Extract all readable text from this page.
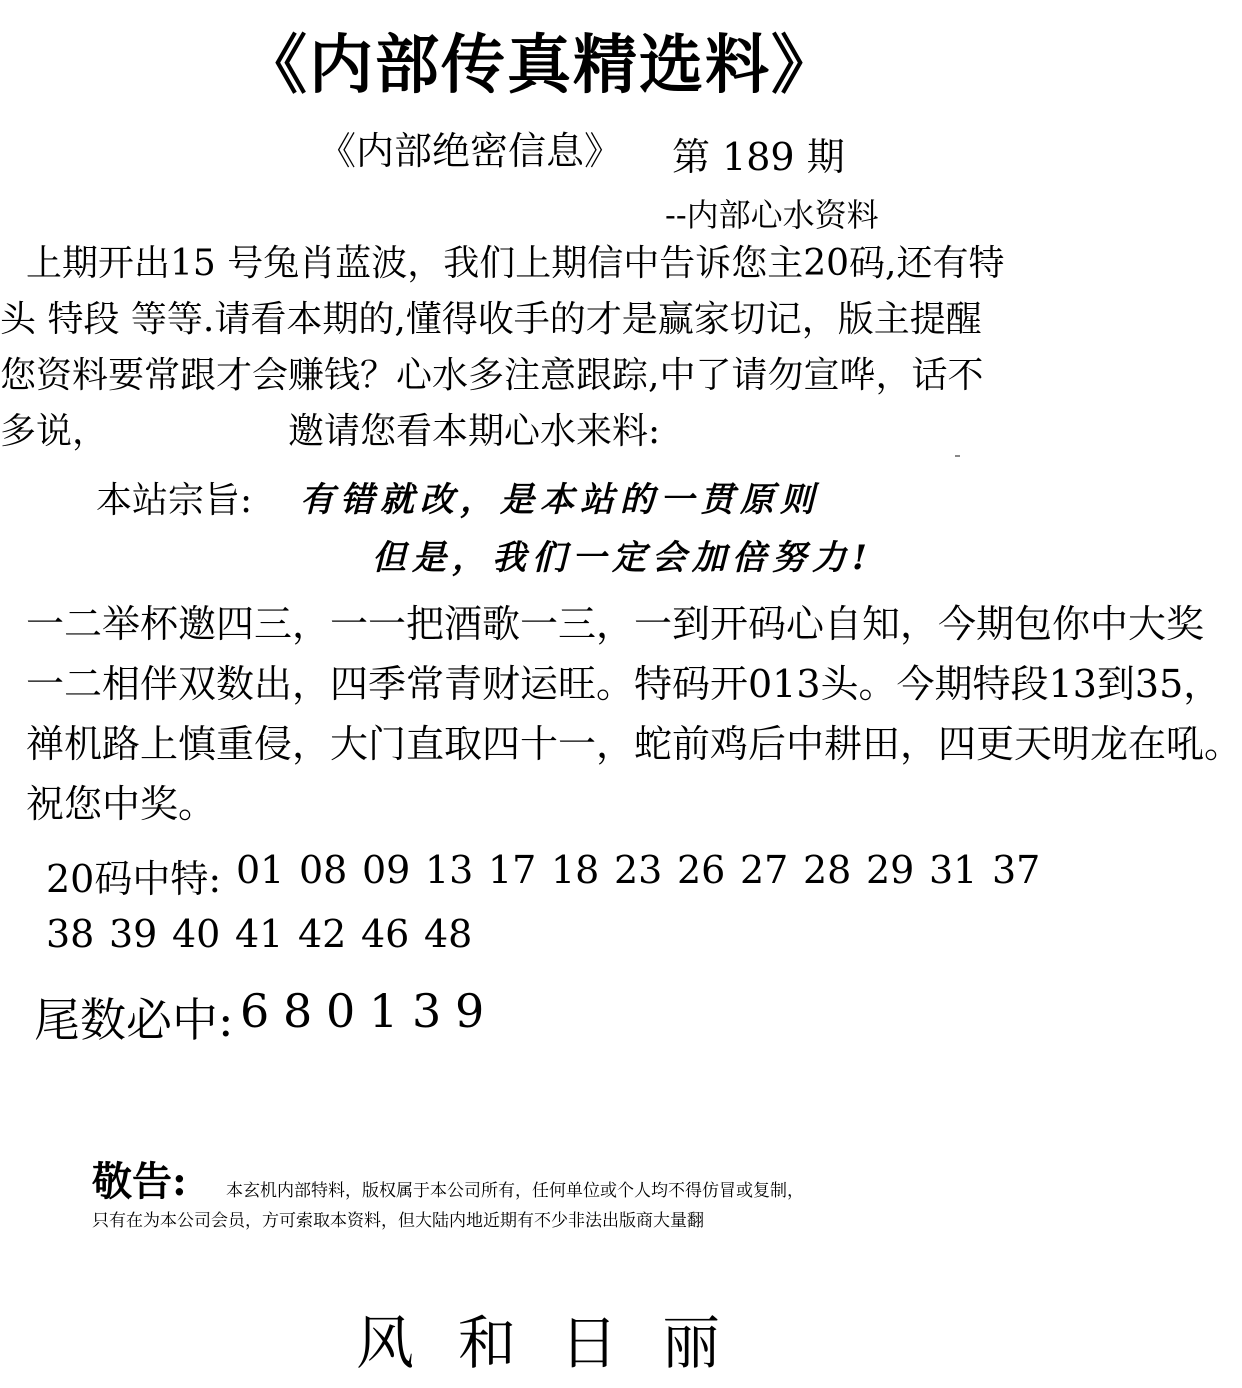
《内部传真精选料》
《内部绝密信息》 第 189 期
--内部心水资料

上期开出15 号兔肖蓝波，我们上期信中告诉您主20码,还有特

头 特段 等等.请看本期的,懂得收手的才是赢家切记，版主提醒

您资料要常跟才会赚钱？心水多注意跟踪,中了请勿宣哗，话不

多说，	邀请您看本期心水来料:

本站宗旨: 有错就改，是本站的一贯原则
但是，我们一定会加倍努力!

一二举杯邀四三，一一把酒歌一三，一到开码心自知，今期包你中大奖

一二相伴双数出，四季常青财运旺。特码开013头。今期特段13到35，

禅机路上慎重侵，大门直取四十一，蛇前鸡后中耕田，四更天明龙在吼。

祝您中奖。

20码中特: 01 08 09 13 17 18 23 26 27 28 29 31 37
38 39 40 41 42 46 48
尾数必中: 6 8 0 1 3 9
敬告: 本玄机内部特料，版权属于本公司所有，任何单位或个人均不得仿冒或复制，
只有在为本公司会员，方可索取本资料，但大陆内地近期有不少非法出版商大量翻
风和日丽
